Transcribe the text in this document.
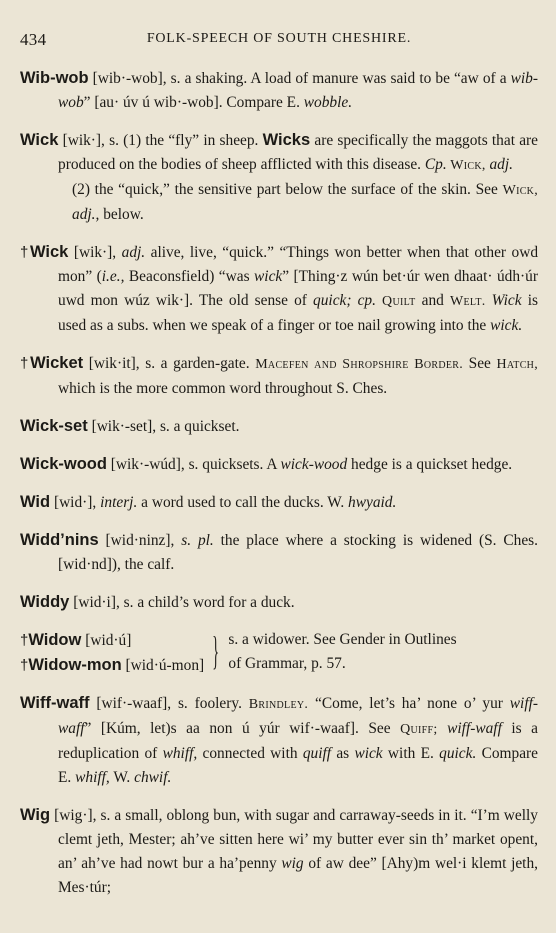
434	FOLK-SPEECH OF SOUTH CHESHIRE.

Wib-wob [wib·-wob], s. a shaking. A load of manure was said to be “aw of a wib-wob” [au· úv ú wib·-wob]. Compare E. wobble.

Wick [wik·], s. (1) the “fly” in sheep. Wicks are specifically the maggots that are produced on the bodies of sheep afflicted with this disease. Cp. Wick, adj.
(2) the “quick,” the sensitive part below the surface of the skin. See Wick, adj., below.

†Wick [wik·], adj. alive, live, “quick.” “Things won better when that other owd mon” (i.e., Beaconsfield) “was wick” [Thing·z wún bet·úr wen dhaat· údh·úr uwd mon wúz wik·]. The old sense of quick; cp. Quilt and Welt. Wick is used as a subs. when we speak of a finger or toe nail growing into the wick.

†Wicket [wik·it], s. a garden-gate. Macefen and Shropshire Border. See Hatch, which is the more common word throughout S. Ches.

Wick-set [wik·-set], s. a quickset.

Wick-wood [wik·-wúd], s. quicksets. A wick-wood hedge is a quickset hedge.

Wid [wid·], interj. a word used to call the ducks. W. hwyaid.

Widd’nins [wid·ninz], s. pl. the place where a stocking is widened (S. Ches. [wid·nd]), the calf.

Widdy [wid·i], s. a child’s word for a duck.

†Widow [wid·ú]
†Widow-mon [wid·ú-mon] } s. a widower. See Gender in Outlines
of Grammar, p. 57.

Wiff-waff [wif·-waaf], s. foolery. Brindley. “Come, let’s ha’ none o’ yur wiff-waff” [Kúm, let)s aa non ú yúr wif·-waaf]. See Quiff; wiff-waff is a reduplication of whiff, connected with quiff as wick with E. quick. Compare E. whiff, W. chwif.

Wig [wig·], s. a small, oblong bun, with sugar and carraway-seeds in it. “I’m welly clemt jeth, Mester; ah’ve sitten here wi’ my butter ever sin th’ market opent, an’ ah’ve had nowt bur a ha’penny wig of aw dee” [Ahy)m wel·i klemt jeth, Mes·túr;
